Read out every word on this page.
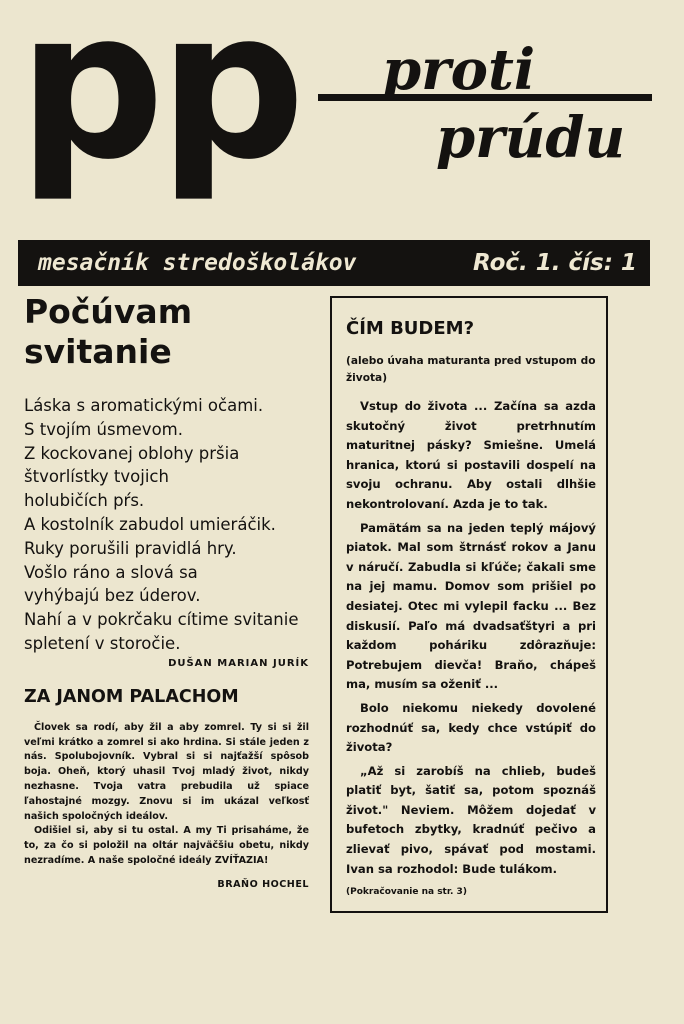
pp proti
prúdu
mesačník stredoškolákov	Roč. 1. čís: 1
Počúvam
svitanie
Láska s aromatickými očami.
S tvojím úsmevom.
Z kockovanej oblohy pršia
štvorlístky tvojich
holubičích pŕs.
A kostolník zabudol umieráčik.
Ruky porušili pravidlá hry.
Vošlo ráno a slová sa
vyhýbajú bez úderov.
Nahí a v pokrčaku cítime svitanie
spletení v storočie.
DUŠAN MARIAN JURÍK
ZA JANOM PALACHOM

Človek sa rodí, aby žil a aby zomrel. Ty si si žil veľmi krátko a zomrel si ako hrdina. Si stále jeden z nás. Spolubojovník. Vybral si si najťažší spôsob boja. Oheň, ktorý uhasil Tvoj mladý život, nikdy nezhasne. Tvoja vatra prebudila už spiace ľahostajné mozgy. Znovu si im ukázal veľkosť našich spoločných ideálov.

Odišiel si, aby si tu ostal. A my Ti prisaháme, že to, za čo si položil na oltár najväčšiu obetu, nikdy nezradíme. A naše spoločné ideály ZVÍŤAZIA!

BRAŇO HOCHEL
ČÍM BUDEM?
(alebo úvaha maturanta pred vstupom do života)

Vstup do života ... Začína sa azda skutočný život pretrhnutím maturitnej pásky? Smiešne. Umelá hranica, ktorú si postavili dospelí na svoju ochranu. Aby ostali dlhšie nekontrolovaní. Azda je to tak.

Pamätám sa na jeden teplý májový piatok. Mal som štrnásť rokov a Janu v náručí. Zabudla si kľúče; čakali sme na jej mamu. Domov som prišiel po desiatej. Otec mi vylepil facku ... Bez diskusií. Paľo má dvadsaťštyri a pri každom poháriku zdôrazňuje: Potrebujem dievča! Braňo, chápeš ma, musím sa oženiť ...

Bolo niekomu niekedy dovolené rozhodnúť sa, kedy chce vstúpiť do života?

„Až si zarobíš na chlieb, budeš platiť byt, šatiť sa, potom spoznáš život." Neviem. Môžem dojedať v bufetoch zbytky, kradnúť pečivo a zlievať pivo, spávať pod mostami. Ivan sa rozhodol: Bude tulákom.

(Pokračovanie na str. 3)
